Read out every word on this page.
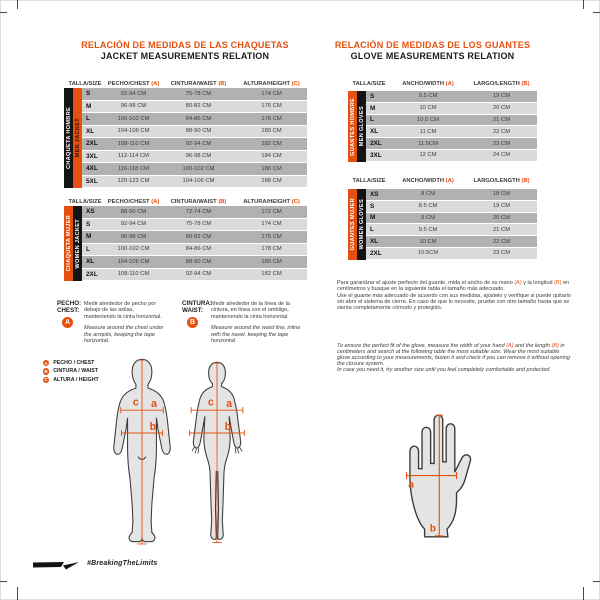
RELACIÓN DE MEDIDAS DE LAS CHAQUETAS
JACKET MEASUREMENTS RELATION
TALLA/SIZE	PECHO/CHEST (A)	CINTURA/WAIST (B)	ALTURA/HEIGHT (C)
CHAQUETA HOMBRE MEN JACKET
S	92-94 CM	75-78 CM	174 CM
M	96-98 CM	80-82 CM	176 CM
L	100-102 CM	84-86 CM	178 CM
XL	104-106 CM	88-90 CM	180 CM
2XL	108-110 CM	92-94 CM	182 CM
3XL	112-114 CM	96-98 CM	184 CM
4XL	116-118 CM	100-102 CM	186 CM
5XL	120-122 CM	104-106 CM	188 CM
TALLA/SIZE	PECHO/CHEST (A)	CINTURA/WAIST (B)	ALTURA/HEIGHT (C)
CHAQUETA MUJER WOMEN JACKET
XS	88-90 CM	72-74 CM	172 CM
S	92-94 CM	75-78 CM	174 CM
M	96-98 CM	80-82 CM	176 CM
L	100-102 CM	84-86 CM	178 CM
XL	104-106 CM	88-90 CM	180 CM
2XL	108-110 CM	92-94 CM	182 CM
RELACIÓN DE MEDIDAS DE LOS GUANTES
GLOVE MEASUREMENTS RELATION
TALLA/SIZE	ANCHO/WIDTH (A)	LARGO/LENGTH (B)
GUANTES HOMBRE MEN GLOVES
S	9.5 CM	19 CM
M	10 CM	20 CM
L	10.5 CM	21 CM
XL	11 CM	22 CM
2XL	11.5CM	23 CM
3XL	12 CM	24 CM
TALLA/SIZE	ANCHO/WIDTH (A)	LARGO/LENGTH (B)
GUANTES MUJER WOMEN GLOVES
XS	8 CM	18 CM
S	8.5 CM	19 CM
M	9 CM	20 CM
L	9.5 CM	21 CM
XL	10 CM	22 CM
2XL	10.5CM	23 CM
PECHO:
CHEST:
A
Medir alrededor de pecho por debajo de las axilas, manteniendo la cinta horizontal.
Measure around the chest under the armpits, keeping the tape horizontal.
CINTURA:
WAIST:
B
Medir alrededor de la línea de la cintura, en línea con el ombligo, manteniendo la cinta horizontal.
Measure around the waist line, inline with the navel, keeping the tape horizontal.
A PECHO / CHEST
B CINTURA / WAIST
C ALTURA / HEIGHT
c a
b
c a
b

Para garantizar el ajuste perfecto del guante, mida el ancho de su mano (A) y la longitud (B) en centímetros y busque en la siguiente tabla el tamaño más adecuado.

Use el guante más adecuado de acuerdo con sus medidas, ajústelo y verifique si puede quitarlo sin abrir el sistema de cierre. En caso de que lo necesite, pruebe con otro tamaño hasta que se sienta completamente cómodo y protegido.

To ensure the perfect fit of the glove, measure the width of your hand (A) and the length (B) in centimeters and search at the following table the most suitable size. Wear the most suitable glove according to your measurements, fasten it and check if you can remove it without opening the closure system.

In case you need it, try another size until you feel completely comfortable and protected

a
b
#BreakingTheLimits
